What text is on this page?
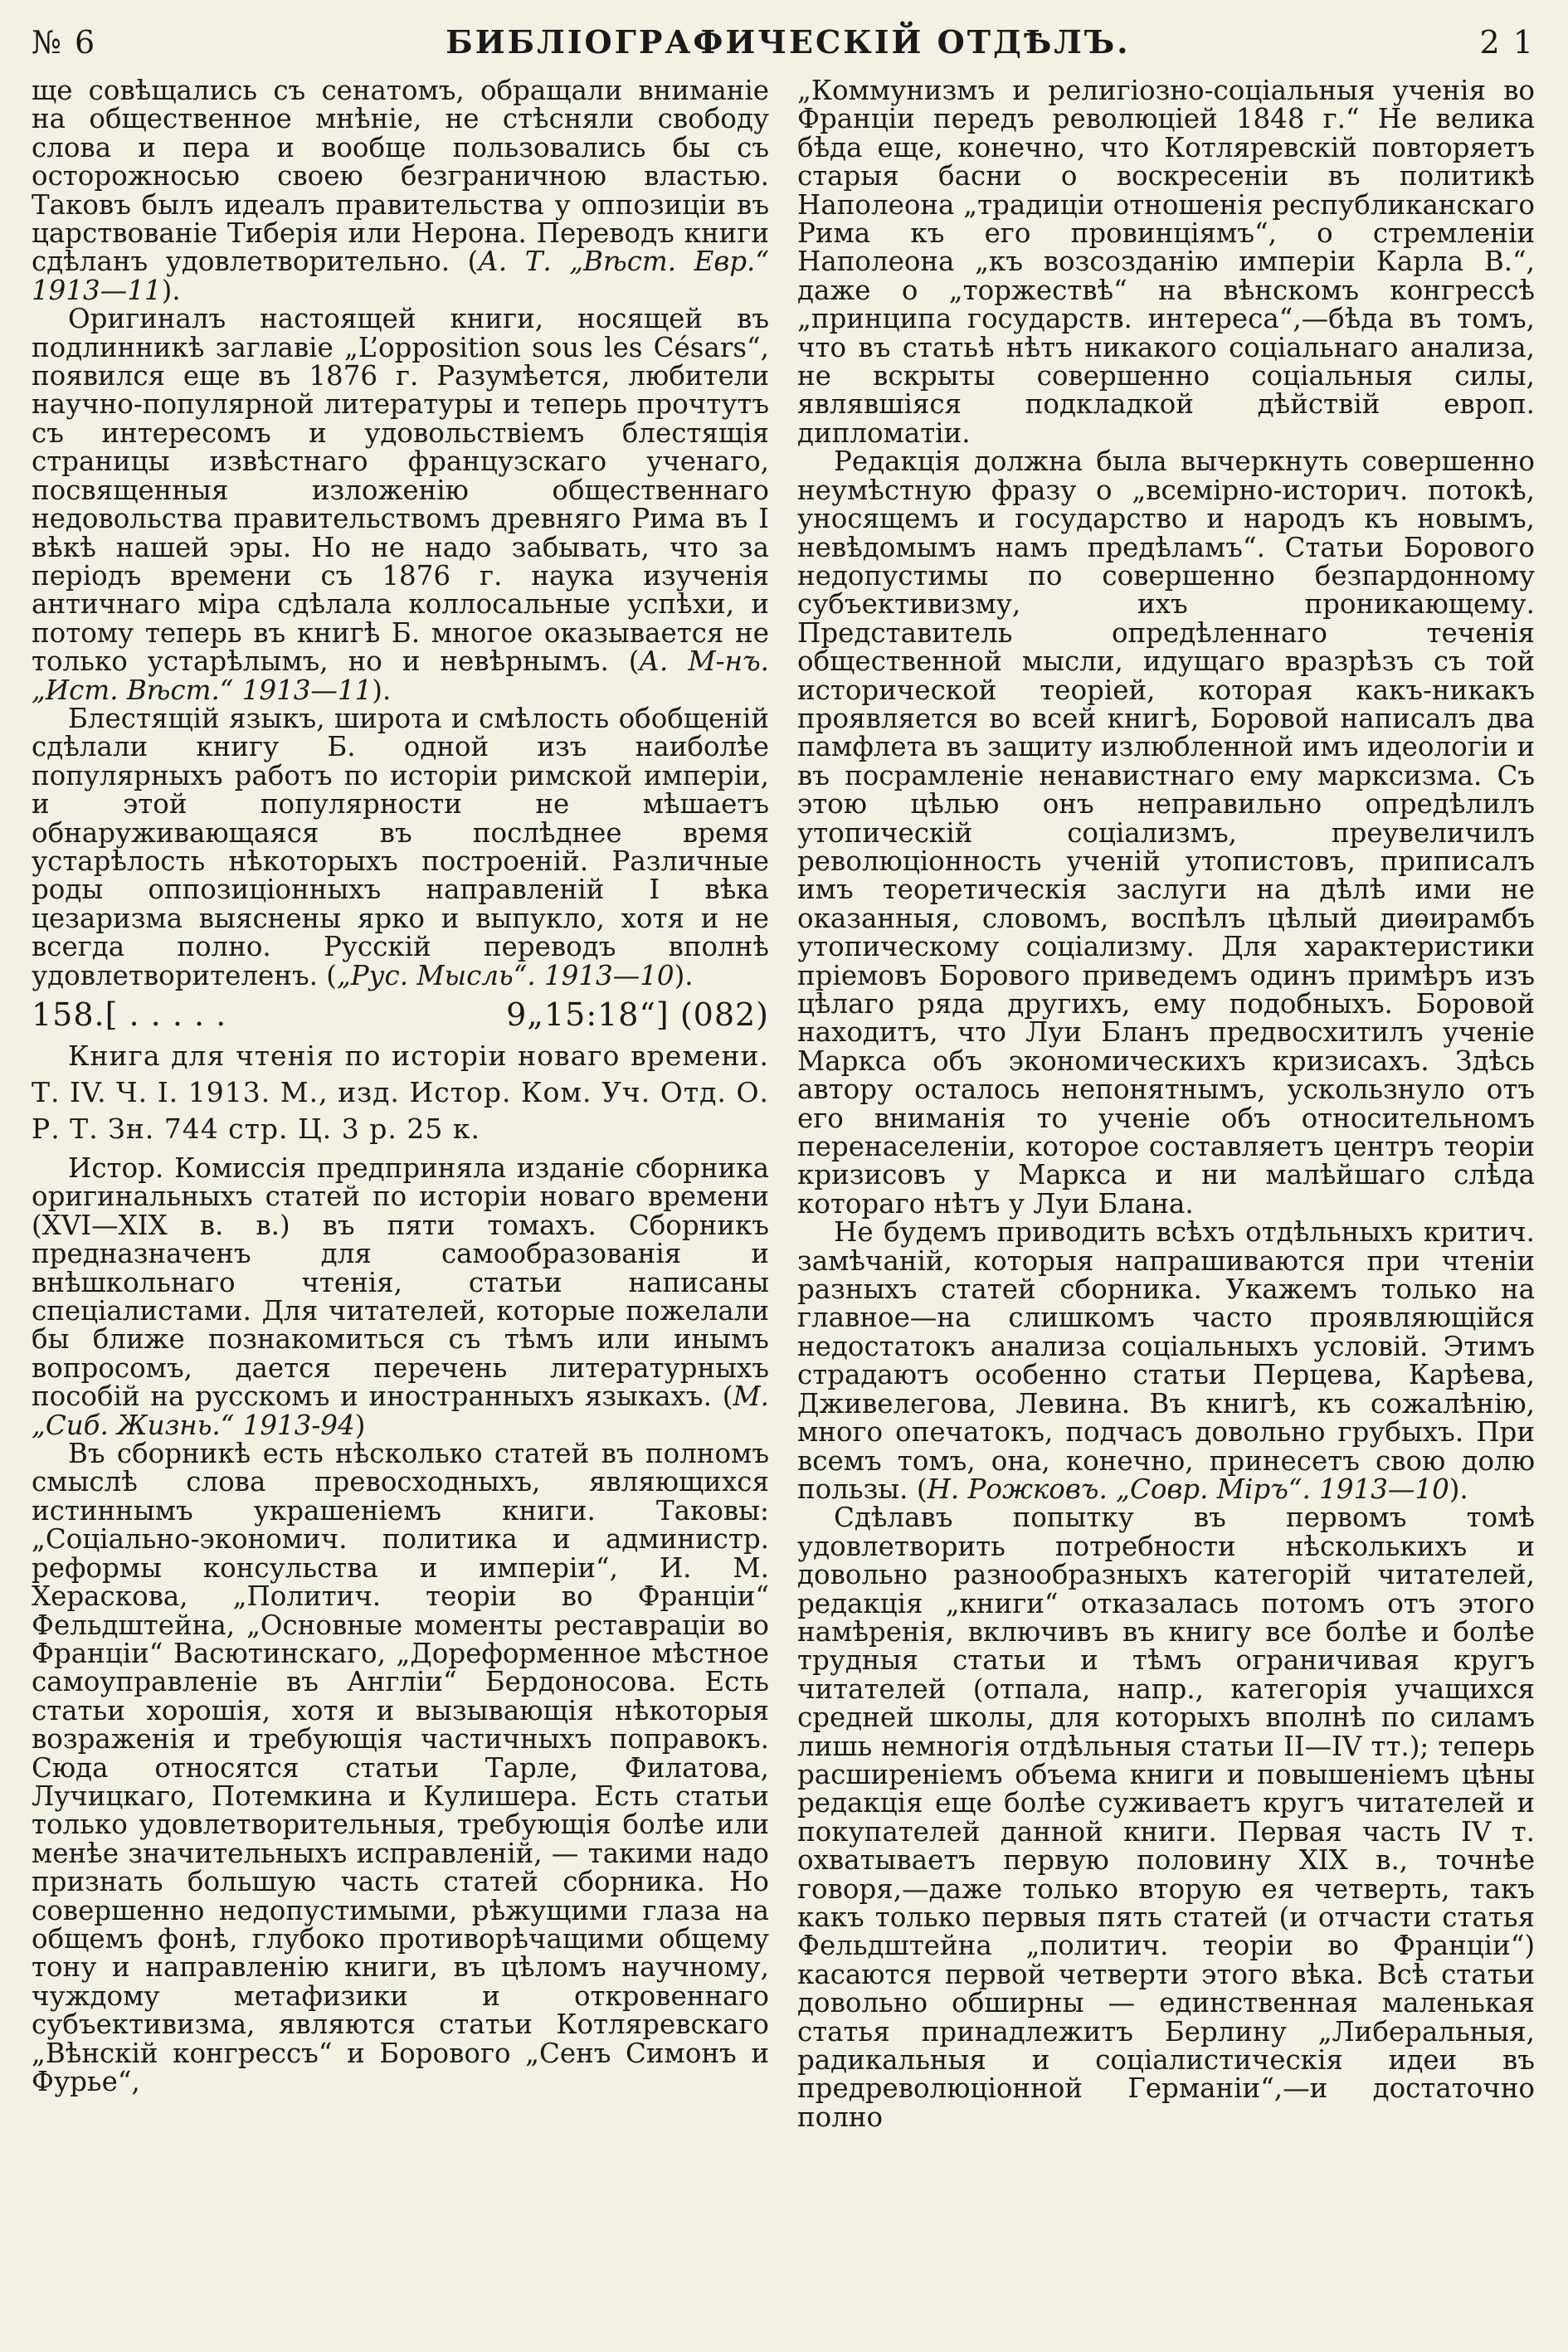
№ 6	БИБЛІОГРАФИЧЕСКІЙ ОТДѢЛЪ.	2 1

ще совѣщались съ сенатомъ, обращали вниманіе на общественное мнѣніе, не стѣсняли свободу слова и пера и вообще пользовались бы съ осторожносью своею безграничною властью. Таковъ былъ идеалъ правительства у оппозиціи въ царствованіе Тиберія или Нерона. Переводъ книги сдѣланъ удовлетворительно. (А. Т. „Вѣст. Евр.“ 1913—11).

Оригиналъ настоящей книги, носящей въ подлинникѣ заглавіе „L’opposition sous les Césars“, появился еще въ 1876 г. Разумѣется, любители научно-популярной литературы и теперь прочтутъ съ интересомъ и удовольствіемъ блестящія страницы извѣстнаго французскаго ученаго, посвященныя изложенію общественнаго недовольства правительствомъ древняго Рима въ I вѣкѣ нашей эры. Но не надо забывать, что за періодъ времени съ 1876 г. наука изученія античнаго міра сдѣлала коллосальные успѣхи, и потому теперь въ книгѣ Б. многое оказывается не только устарѣлымъ, но и невѣрнымъ. (А. М-нъ. „Ист. Вѣст.“ 1913—11).

Блестящій языкъ, широта и смѣлость обобщеній сдѣлали книгу Б. одной изъ наиболѣе популярныхъ работъ по исторіи римской имперіи, и этой популярности не мѣшаетъ обнаруживающаяся въ послѣднее время устарѣлость нѣкоторыхъ построеній. Различные роды оппозиціонныхъ направленій I вѣка цезаризма выяснены ярко и выпукло, хотя и не всегда полно. Русскій переводъ вполнѣ удовлетворителенъ. („Рус. Мысль“. 1913—10).

158. [ . . . . .	9„15:18“] (082)
Книга для чтенія по исторіи новаго времени. Т. IV. Ч. I. 1913. М., изд. Истор. Ком. Уч. Отд. О. Р. Т. Зн. 744 стр. Ц. 3 р. 25 к.

Истор. Комиссія предприняла изданіе сборника оригинальныхъ статей по исторіи новаго времени (XVI—XIX в. в.) въ пяти томахъ. Сборникъ предназначенъ для самообразованія и внѣшкольнаго чтенія, статьи написаны спеціалистами. Для читателей, которые пожелали бы ближе познакомиться съ тѣмъ или инымъ вопросомъ, дается перечень литературныхъ пособій на русскомъ и иностранныхъ языкахъ. (М. „Сиб. Жизнь.“ 1913-94)

Въ сборникѣ есть нѣсколько статей въ полномъ смыслѣ слова превосходныхъ, являющихся истиннымъ украшеніемъ книги. Таковы: „Соціально-экономич. политика и администр. реформы консульства и имперіи“, И. М. Хераскова, „Политич. теоріи во Франціи“ Фельдштейна, „Основные моменты реставраціи во Франціи“ Васютинскаго, „Дореформенное мѣстное самоуправленіе въ Англіи“ Бердоносова. Есть статьи хорошія, хотя и вызывающія нѣкоторыя возраженія и требующія частичныхъ поправокъ. Сюда относятся статьи Тарле, Филатова, Лучицкаго, Потемкина и Кулишера. Есть статьи только удовлетворительныя, требующія болѣе или менѣе значительныхъ исправленій, — такими надо признать большую часть статей сборника. Но совершенно недопустимыми, рѣжущими глаза на общемъ фонѣ, глубоко противорѣчащими общему тону и направленію книги, въ цѣломъ научному, чуждому метафизики и откровеннаго субъективизма, являются статьи Котляревскаго „Вѣнскій конгрессъ“ и Борового „Сенъ Симонъ и Фурье“,

„Коммунизмъ и религіозно-соціальныя ученія во Франціи передъ революціей 1848 г.“ Не велика бѣда еще, конечно, что Котляревскій повторяетъ старыя басни о воскресеніи въ политикѣ Наполеона „традиціи отношенія республиканскаго Рима къ его провинціямъ“, о стремленіи Наполеона „къ возсозданію имперіи Карла В.“, даже о „торжествѣ“ на вѣнскомъ конгрессѣ „принципа государств. интереса“,—бѣда въ томъ, что въ статьѣ нѣтъ никакого соціальнаго анализа, не вскрыты совершенно соціальныя силы, являвшіяся подкладкой дѣйствій европ. дипломатіи.

Редакція должна была вычеркнуть совершенно неумѣстную фразу о „всемірно-историч. потокѣ, уносящемъ и государство и народъ къ новымъ, невѣдомымъ намъ предѣламъ“. Статьи Борового недопустимы по совершенно безпардонному субъективизму, ихъ проникающему. Представитель опредѣленнаго теченія общественной мысли, идущаго вразрѣзъ съ той исторической теоріей, которая какъ-никакъ проявляется во всей книгѣ, Боровой написалъ два памфлета въ защиту излюбленной имъ идеологіи и въ посрамленіе ненавистнаго ему марксизма. Съ этою цѣлью онъ неправильно опредѣлилъ утопическій соціализмъ, преувеличилъ революціонность ученій утопистовъ, приписалъ имъ теоретическія заслуги на дѣлѣ ими не оказанныя, словомъ, воспѣлъ цѣлый диѳирамбъ утопическому соціализму. Для характеристики пріемовъ Борового приведемъ одинъ примѣръ изъ цѣлаго ряда другихъ, ему подобныхъ. Боровой находитъ, что Луи Бланъ предвосхитилъ ученіе Маркса объ экономическихъ кризисахъ. Здѣсь автору осталось непонятнымъ, ускользнуло отъ его вниманія то ученіе объ относительномъ перенаселеніи, которое составляетъ центръ теоріи кризисовъ у Маркса и ни малѣйшаго слѣда котораго нѣтъ у Луи Блана.

Не будемъ приводить всѣхъ отдѣльныхъ критич. замѣчаній, которыя напрашиваются при чтеніи разныхъ статей сборника. Укажемъ только на главное—на слишкомъ часто проявляющійся недостатокъ анализа соціальныхъ условій. Этимъ страдаютъ особенно статьи Перцева, Карѣева, Дживелегова, Левина. Въ книгѣ, къ сожалѣнію, много опечатокъ, подчасъ довольно грубыхъ. При всемъ томъ, она, конечно, принесетъ свою долю пользы. (Н. Рожковъ. „Совр. Міръ“. 1913—10).

Сдѣлавъ попытку въ первомъ томѣ удовлетворить потребности нѣсколькихъ и довольно разнообразныхъ категорій читателей, редакція „книги“ отказалась потомъ отъ этого намѣренія, включивъ въ книгу все болѣе и болѣе трудныя статьи и тѣмъ ограничивая кругъ читателей (отпала, напр., категорія учащихся средней школы, для которыхъ вполнѣ по силамъ лишь немногія отдѣльныя статьи II—IV тт.); теперь расширеніемъ объема книги и повышеніемъ цѣны редакція еще болѣе суживаетъ кругъ читателей и покупателей данной книги. Первая часть IV т. охватываетъ первую половину XIX в., точнѣе говоря,—даже только вторую ея четверть, такъ какъ только первыя пять статей (и отчасти статья Фельдштейна „политич. теоріи во Франціи“) касаются первой четверти этого вѣка. Всѣ статьи довольно обширны — единственная маленькая статья принадлежитъ Берлину „Либеральныя, радикальныя и соціалистическія идеи въ предреволюціонной Германіи“,—и достаточно полно
